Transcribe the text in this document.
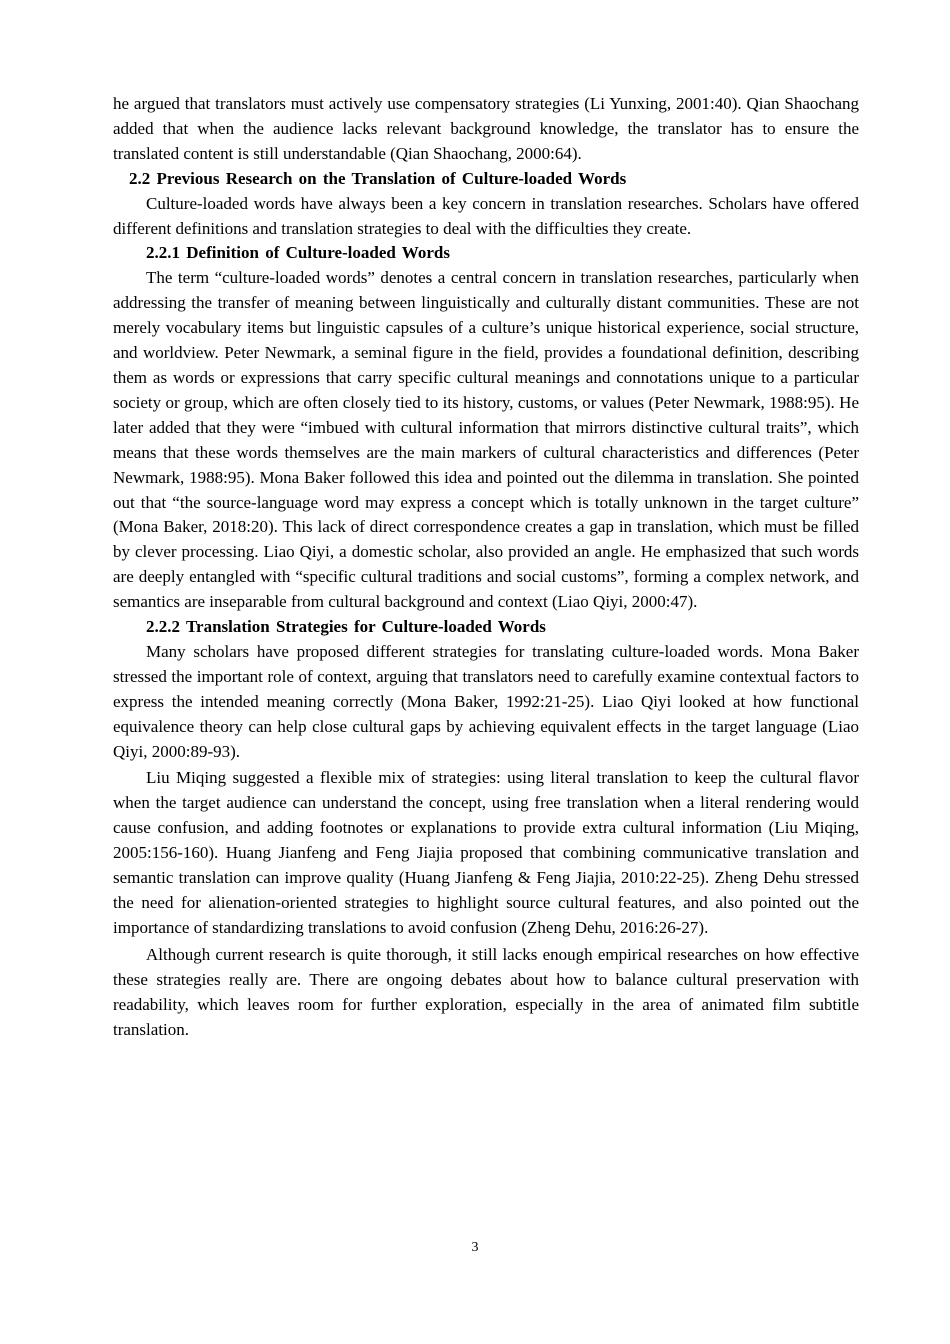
he argued that translators must actively use compensatory strategies (Li Yunxing, 2001:40). Qian Shaochang added that when the audience lacks relevant background knowledge, the translator has to ensure the translated content is still understandable (Qian Shaochang, 2000:64).

2.2 Previous Research on the Translation of Culture-loaded Words

Culture-loaded words have always been a key concern in translation researches. Scholars have offered different definitions and translation strategies to deal with the difficulties they create.

2.2.1 Definition of Culture-loaded Words

The term “culture-loaded words” denotes a central concern in translation researches, particularly when addressing the transfer of meaning between linguistically and culturally distant communities. These are not merely vocabulary items but linguistic capsules of a culture’s unique historical experience, social structure, and worldview. Peter Newmark, a seminal figure in the field, provides a foundational definition, describing them as words or expressions that carry specific cultural meanings and connotations unique to a particular society or group, which are often closely tied to its history, customs, or values (Peter Newmark, 1988:95). He later added that they were “imbued with cultural information that mirrors distinctive cultural traits”, which means that these words themselves are the main markers of cultural characteristics and differences (Peter Newmark, 1988:95). Mona Baker followed this idea and pointed out the dilemma in translation. She pointed out that “the source-language word may express a concept which is totally unknown in the target culture” (Mona Baker, 2018:20). This lack of direct correspondence creates a gap in translation, which must be filled by clever processing. Liao Qiyi, a domestic scholar, also provided an angle. He emphasized that such words are deeply entangled with “specific cultural traditions and social customs”, forming a complex network, and semantics are inseparable from cultural background and context (Liao Qiyi, 2000:47).

2.2.2 Translation Strategies for Culture-loaded Words

Many scholars have proposed different strategies for translating culture-loaded words. Mona Baker stressed the important role of context, arguing that translators need to carefully examine contextual factors to express the intended meaning correctly (Mona Baker, 1992:21-25). Liao Qiyi looked at how functional equivalence theory can help close cultural gaps by achieving equivalent effects in the target language (Liao Qiyi, 2000:89-93).

Liu Miqing suggested a flexible mix of strategies: using literal translation to keep the cultural flavor when the target audience can understand the concept, using free translation when a literal rendering would cause confusion, and adding footnotes or explanations to provide extra cultural information (Liu Miqing, 2005:156-160). Huang Jianfeng and Feng Jiajia proposed that combining communicative translation and semantic translation can improve quality (Huang Jianfeng & Feng Jiajia, 2010:22-25). Zheng Dehu stressed the need for alienation-oriented strategies to highlight source cultural features, and also pointed out the importance of standardizing translations to avoid confusion (Zheng Dehu, 2016:26-27).

Although current research is quite thorough, it still lacks enough empirical researches on how effective these strategies really are. There are ongoing debates about how to balance cultural preservation with readability, which leaves room for further exploration, especially in the area of animated film subtitle translation.

3
